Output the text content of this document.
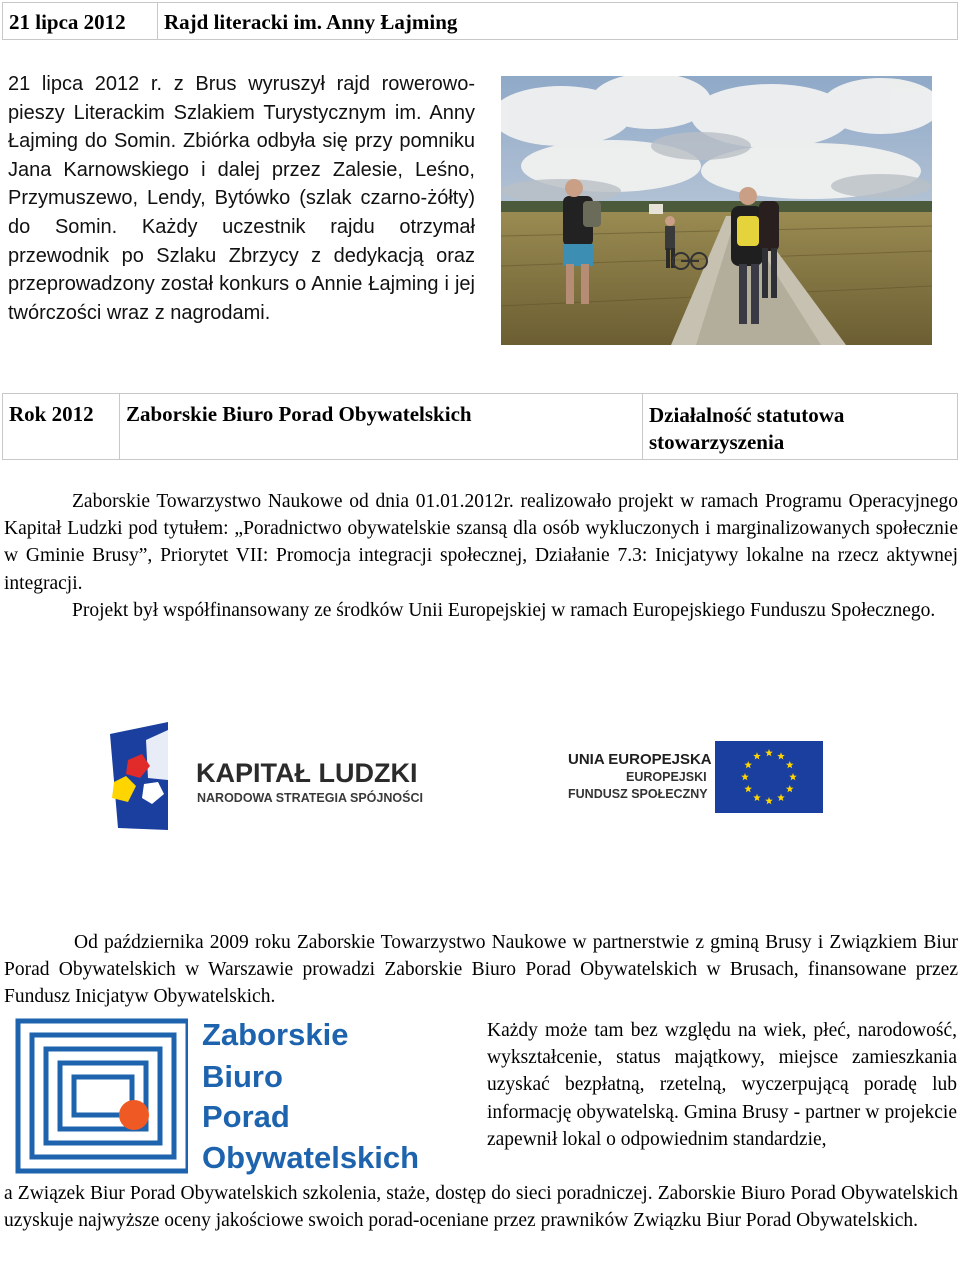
21 lipca 2012	Rajd literacki im. Anny Łajming
21 lipca 2012 r. z Brus wyruszył rajd rowerowo-pieszy Literackim Szlakiem Turystycznym im. Anny Łajming do Somin. Zbiórka odbyła się przy pomniku Jana Karnowskiego i dalej przez Zalesie, Leśno, Przymuszewo, Lendy, Bytówko (szlak czarno-żółty) do Somin. Każdy uczestnik rajdu otrzymał przewodnik po Szlaku Zbrzycy z dedykacją oraz przeprowadzony został konkurs o Annie Łajming i jej twórczości wraz z nagrodami.
Rok 2012	Zaborskie Biuro Porad Obywatelskich	Działalność statutowa stowarzyszenia
Zaborskie Towarzystwo Naukowe od dnia 01.01.2012r. realizowało projekt w ramach Programu Operacyjnego Kapitał Ludzki pod tytułem: „Poradnictwo obywatelskie szansą dla osób wykluczonych i marginalizowanych społecznie w Gminie Brusy”, Priorytet VII: Promocja integracji społecznej, Działanie 7.3: Inicjatywy lokalne na rzecz aktywnej integracji.
Projekt był współfinansowany ze środków Unii Europejskiej w ramach Europejskiego Funduszu Społecznego.
KAPITAŁ LUDZKI
NARODOWA STRATEGIA SPÓJNOŚCI
UNIA EUROPEJSKA
EUROPEJSKI
FUNDUSZ SPOŁECZNY
Od października 2009 roku Zaborskie Towarzystwo Naukowe w partnerstwie z gminą Brusy i Związkiem Biur Porad Obywatelskich w Warszawie prowadzi Zaborskie Biuro Porad Obywatelskich w Brusach, finansowane przez Fundusz Inicjatyw Obywatelskich.
Zaborskie
Biuro
Porad
Obywatelskich
Każdy może tam bez względu na wiek, płeć, narodowość, wykształcenie, status majątkowy, miejsce zamieszkania uzyskać bezpłatną, rzetelną, wyczerpującą poradę lub informację obywatelską. Gmina Brusy - partner w projekcie zapewnił lokal o odpowiednim standardzie,
a Związek Biur Porad Obywatelskich szkolenia, staże, dostęp do sieci poradniczej. Zaborskie Biuro Porad Obywatelskich uzyskuje najwyższe oceny jakościowe swoich porad-oceniane przez prawników Związku Biur Porad Obywatelskich.
